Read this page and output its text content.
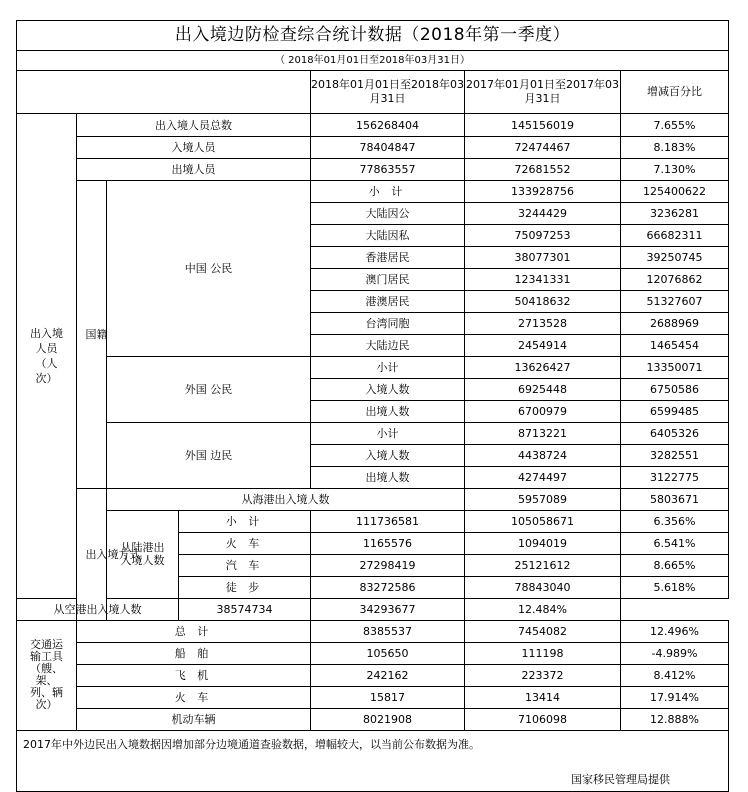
出入境边防检查综合统计数据（2018年第一季度）							
（ 2018年01月01日至2018年03月31日）							
				2018年01月01日至2018年03月31日	2017年01月01日至2017年03月31日	增减百分比	
出入境人员（人次）	出入境人员总数			156268404	145156019	7.655%	
	入境人员			78404847	72474467	8.183%	
	出境人员			77863557	72681552	7.130%	
	国籍	中国 公民		小 计	133928756	125400622	
				大陆因公	3244429	3236281	
				大陆因私	75097253	66682311	
				香港居民	38077301	39250745	
				澳门居民	12341331	12076862	
				港澳居民	50418632	51327607	
				台湾同胞	2713528	2688969	
				大陆边民	2454914	1465454	
		外国 公民		小计	13626427	13350071	
				入境人数	6925448	6750586	
				出境人数	6700979	6599485	
		外国 边民		小计	8713221	6405326	
				入境人数	4438724	3282551	
				出境人数	4274497	3122775	
	出入境方式	从海港出入境人数			5957089	5803671	
		从陆港出入境人数	小 计	111736581	105058671	6.356%	
			火 车	1165576	1094019	6.541%	
			汽 车	27298419	25121612	8.665%	
			徒 步	83272586	78843040	5.618%	
从空港出入境人数			38574734	34293677	12.484%		
交通运输工具（艘、架、列、辆次）	总 计			8385537	7454082	12.496%	
	船 舶			105650	111198	-4.989%	
	飞 机			242162	223372	8.412%	
	火 车			15817	13414	17.914%	
	机动车辆			8021908	7106098	12.888%	

2017年中外边民出入境数据因增加部分边境通道查验数据，增幅较大，以当前公布数据为准。
国家移民管理局提供							
